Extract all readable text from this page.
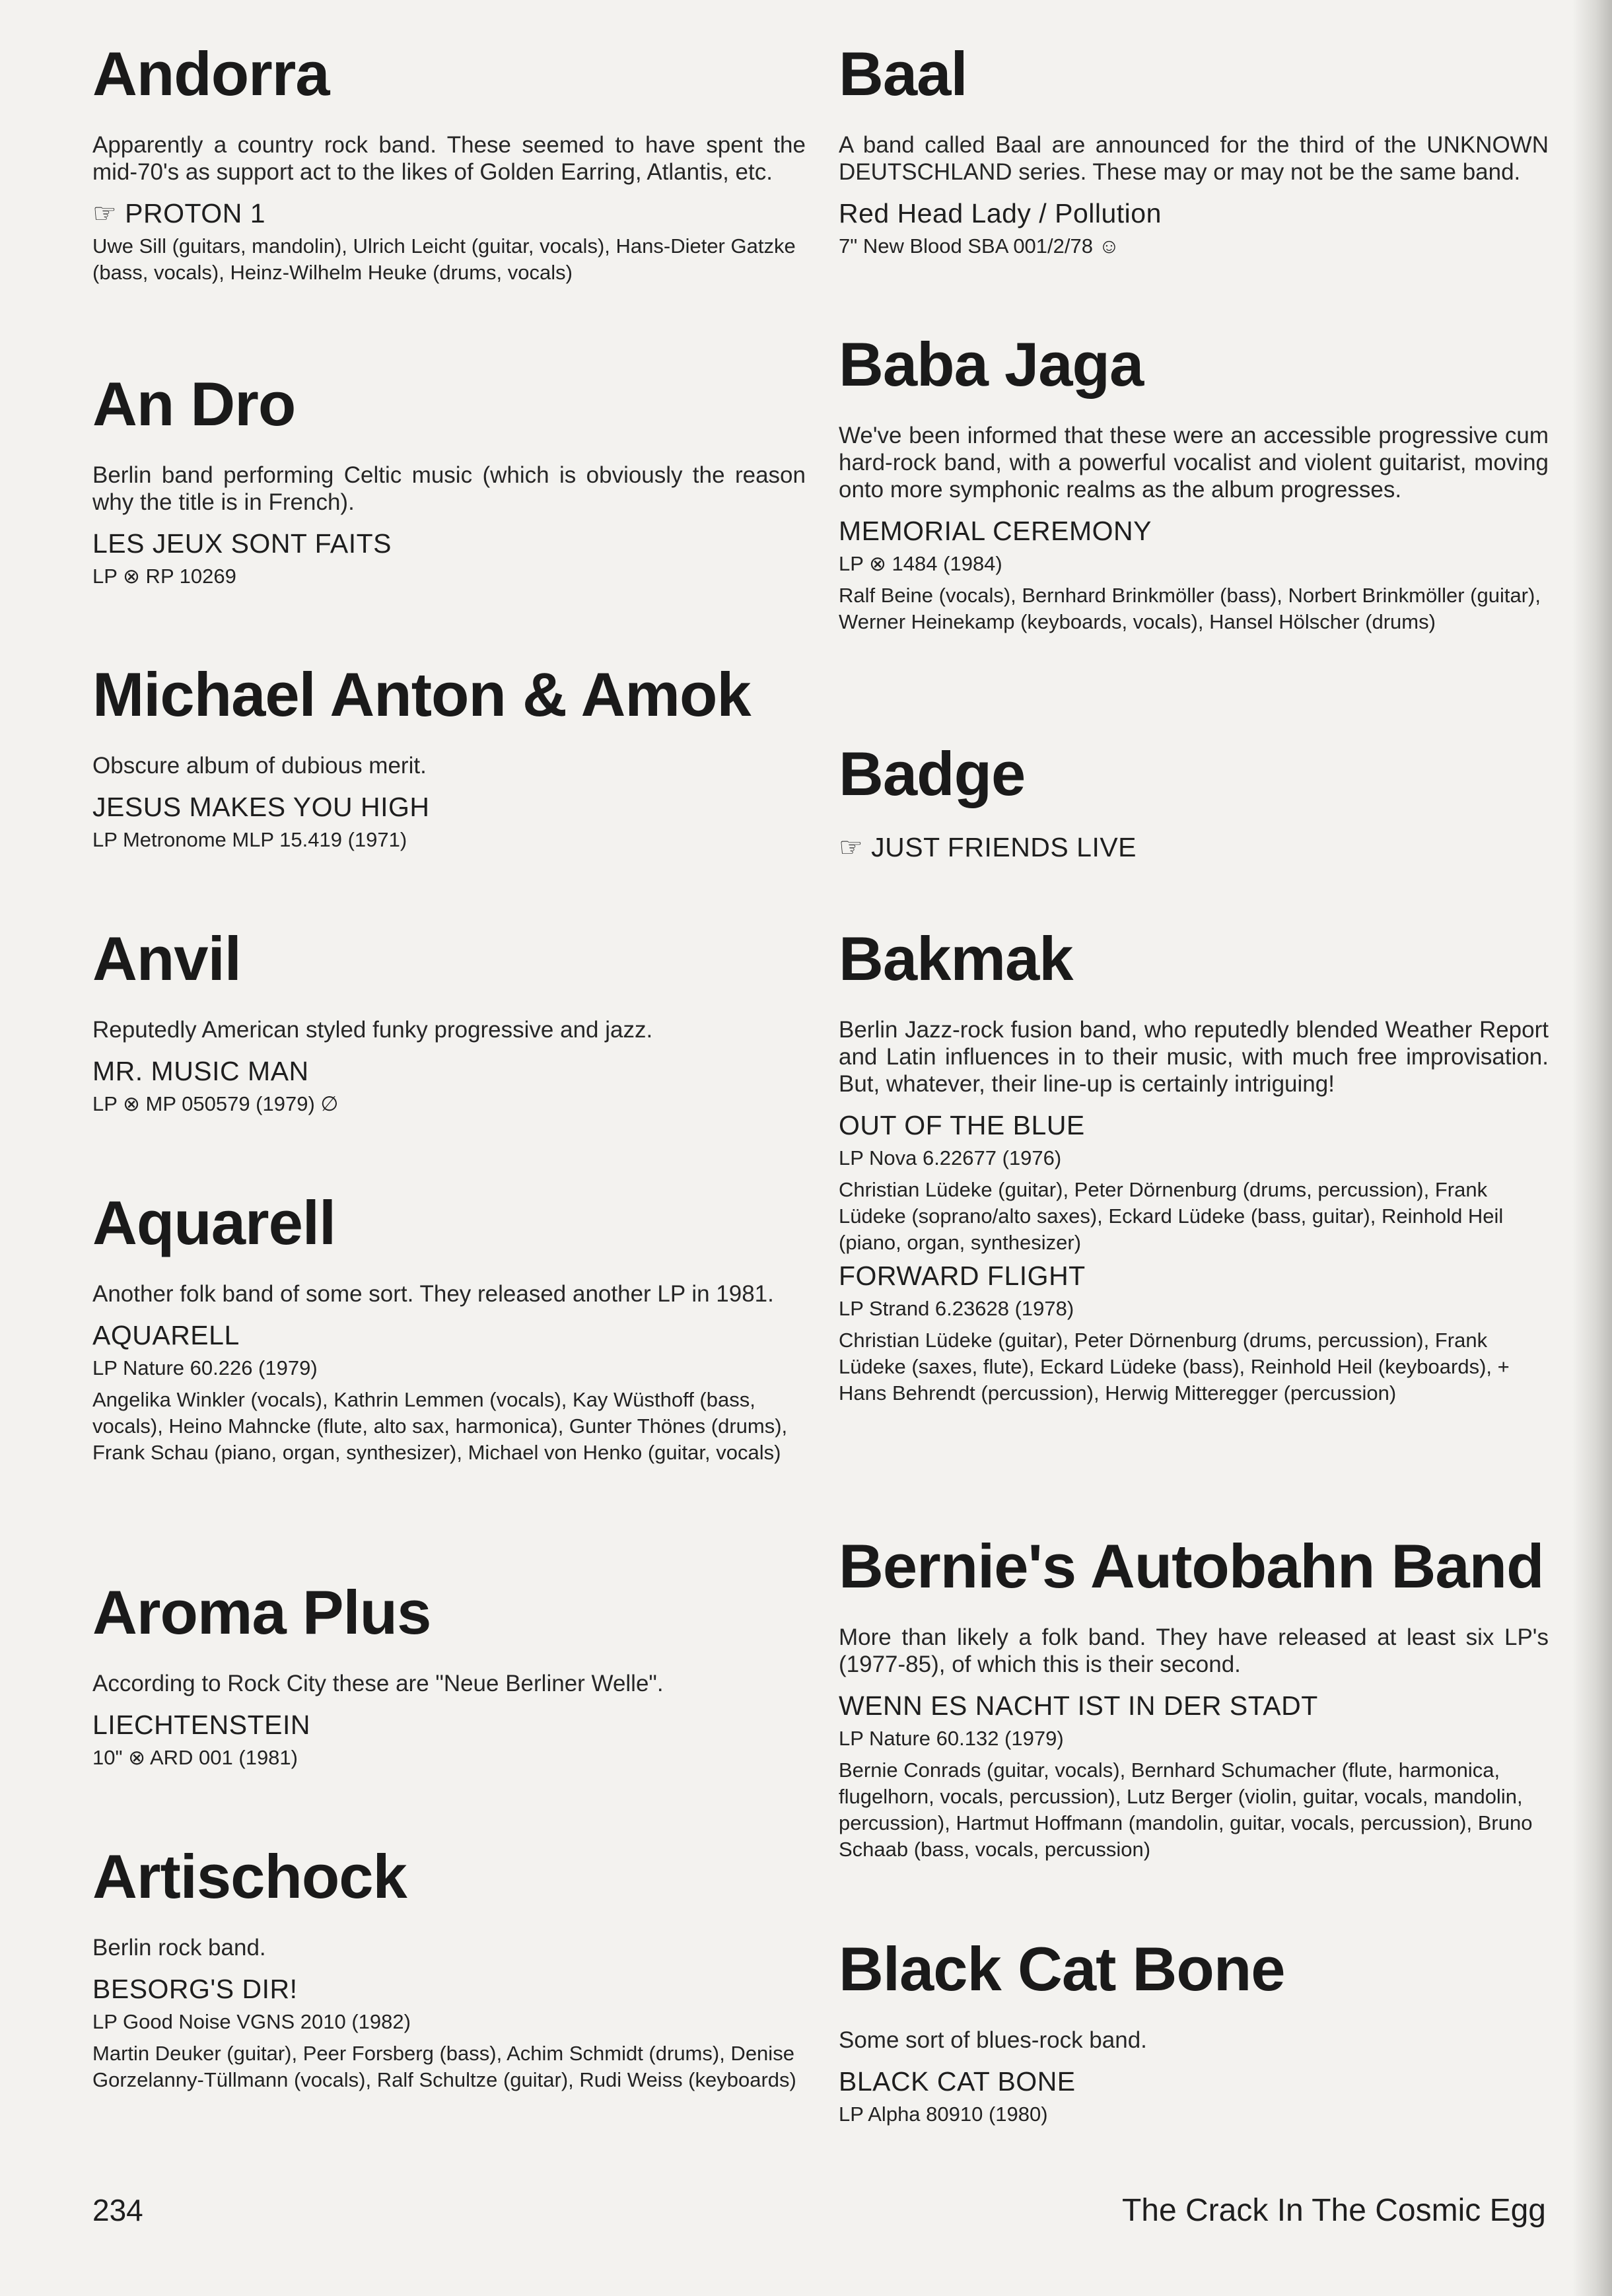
Andorra

Apparently a country rock band. These seemed to have spent the mid-70's as support act to the likes of Golden Earring, Atlantis, etc.

☞ PROTON 1
Uwe Sill (guitars, mandolin), Ulrich Leicht (guitar, vocals), Hans-Dieter Gatzke (bass, vocals), Heinz-Wilhelm Heuke (drums, vocals)
An Dro

Berlin band performing Celtic music (which is obviously the reason why the title is in French).

LES JEUX SONT FAITS
LP ⊗ RP 10269
Michael Anton & Amok

Obscure album of dubious merit.

JESUS MAKES YOU HIGH
LP Metronome MLP 15.419 (1971)
Anvil

Reputedly American styled funky progressive and jazz.

MR. MUSIC MAN
LP ⊗ MP 050579 (1979) ∅
Aquarell

Another folk band of some sort. They released another LP in 1981.

AQUARELL
LP Nature 60.226 (1979)
Angelika Winkler (vocals), Kathrin Lemmen (vocals), Kay Wüsthoff (bass, vocals), Heino Mahncke (flute, alto sax, harmonica), Gunter Thönes (drums), Frank Schau (piano, organ, synthesizer), Michael von Henko (guitar, vocals)
Aroma Plus

According to Rock City these are "Neue Berliner Welle".

LIECHTENSTEIN
10" ⊗ ARD 001 (1981)
Artischock

Berlin rock band.

BESORG'S DIR!
LP Good Noise VGNS 2010 (1982)
Martin Deuker (guitar), Peer Forsberg (bass), Achim Schmidt (drums), Denise Gorzelanny-Tüllmann (vocals), Ralf Schultze (guitar), Rudi Weiss (keyboards)
Baal

A band called Baal are announced for the third of the UNKNOWN DEUTSCHLAND series. These may or may not be the same band.

Red Head Lady / Pollution
7" New Blood SBA 001/2/78 ☺
Baba Jaga

We've been informed that these were an accessible progressive cum hard-rock band, with a powerful vocalist and violent guitarist, moving onto more symphonic realms as the album progresses.

MEMORIAL CEREMONY
LP ⊗ 1484 (1984)
Ralf Beine (vocals), Bernhard Brinkmöller (bass), Norbert Brinkmöller (guitar), Werner Heinekamp (keyboards, vocals), Hansel Hölscher (drums)
Badge
☞ JUST FRIENDS LIVE
Bakmak

Berlin Jazz-rock fusion band, who reputedly blended Weather Report and Latin influences in to their music, with much free improvisation. But, whatever, their line-up is certainly intriguing!

OUT OF THE BLUE
LP Nova 6.22677 (1976)
Christian Lüdeke (guitar), Peter Dörnenburg (drums, percussion), Frank Lüdeke (soprano/alto saxes), Eckard Lüdeke (bass, guitar), Reinhold Heil (piano, organ, synthesizer)
FORWARD FLIGHT
LP Strand 6.23628 (1978)
Christian Lüdeke (guitar), Peter Dörnenburg (drums, percussion), Frank Lüdeke (saxes, flute), Eckard Lüdeke (bass), Reinhold Heil (keyboards), + Hans Behrendt (percussion), Herwig Mitteregger (percussion)
Bernie's Autobahn Band

More than likely a folk band. They have released at least six LP's (1977-85), of which this is their second.

WENN ES NACHT IST IN DER STADT
LP Nature 60.132 (1979)
Bernie Conrads (guitar, vocals), Bernhard Schumacher (flute, harmonica, flugelhorn, vocals, percussion), Lutz Berger (violin, guitar, vocals, mandolin, percussion), Hartmut Hoffmann (mandolin, guitar, vocals, percussion), Bruno Schaab (bass, vocals, percussion)
Black Cat Bone

Some sort of blues-rock band.

BLACK CAT BONE
LP Alpha 80910 (1980)
234	The Crack In The Cosmic Egg
